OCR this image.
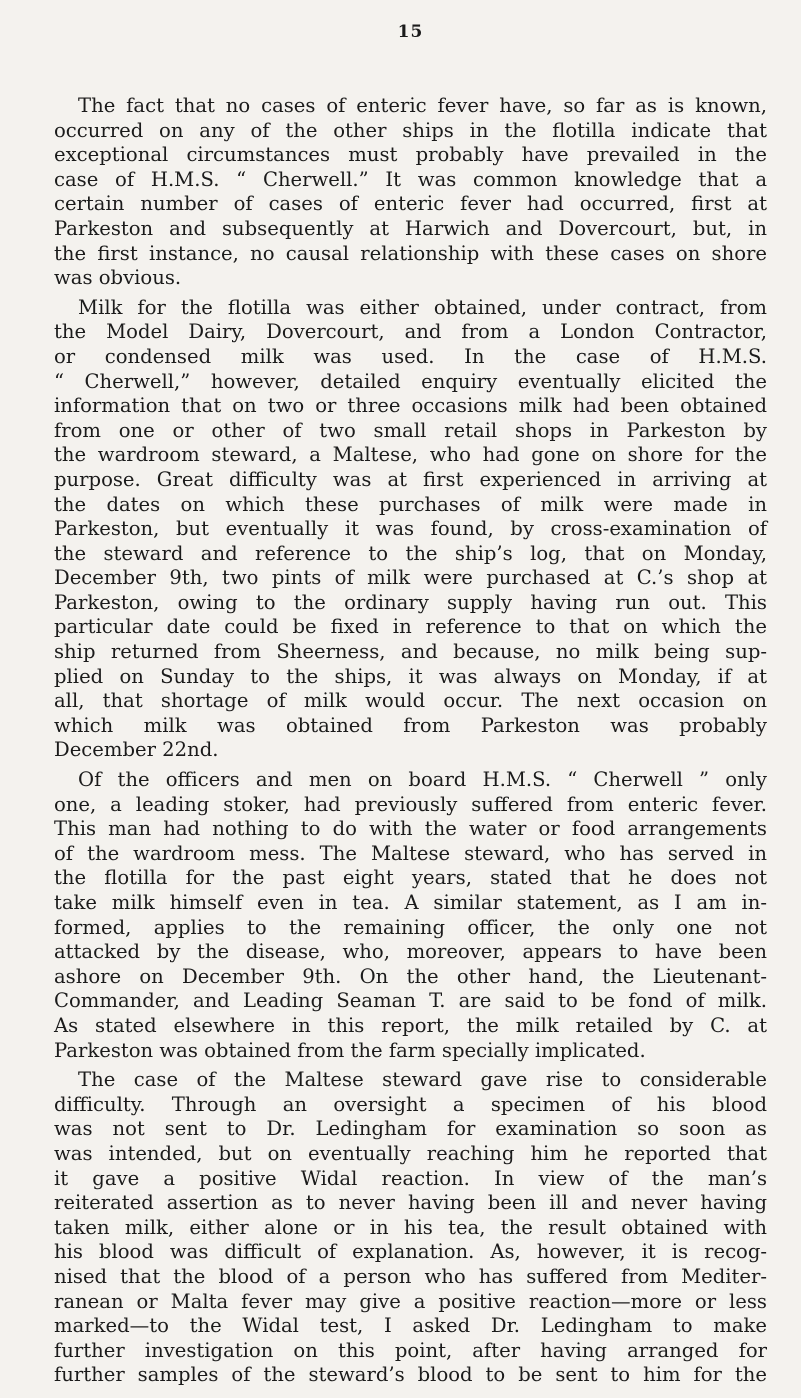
15
The fact that no cases of enteric fever have, so far as is known,
occurred on any of the other ships in the flotilla indicate that
exceptional circumstances must probably have prevailed in the
case of H.M.S. “ Cherwell.” It was common knowledge that a
certain number of cases of enteric fever had occurred, first at
Parkeston and subsequently at Harwich and Dovercourt, but, in
the first instance, no causal relationship with these cases on shore
was obvious.
Milk for the flotilla was either obtained, under contract, from
the Model Dairy, Dovercourt, and from a London Contractor,
or condensed milk was used. In the case of H.M.S.
“ Cherwell,” however, detailed enquiry eventually elicited the
information that on two or three occasions milk had been obtained
from one or other of two small retail shops in Parkeston by
the wardroom steward, a Maltese, who had gone on shore for the
purpose. Great difficulty was at first experienced in arriving at
the dates on which these purchases of milk were made in
Parkeston, but eventually it was found, by cross-examination of
the steward and reference to the ship’s log, that on Monday,
December 9th, two pints of milk were purchased at C.’s shop at
Parkeston, owing to the ordinary supply having run out. This
particular date could be fixed in reference to that on which the
ship returned from Sheerness, and because, no milk being sup-
plied on Sunday to the ships, it was always on Monday, if at
all, that shortage of milk would occur. The next occasion on
which milk was obtained from Parkeston was probably
December 22nd.
Of the officers and men on board H.M.S. “ Cherwell ” only
one, a leading stoker, had previously suffered from enteric fever.
This man had nothing to do with the water or food arrangements
of the wardroom mess. The Maltese steward, who has served in
the flotilla for the past eight years, stated that he does not
take milk himself even in tea. A similar statement, as I am in-
formed, applies to the remaining officer, the only one not
attacked by the disease, who, moreover, appears to have been
ashore on December 9th. On the other hand, the Lieutenant-
Commander, and Leading Seaman T. are said to be fond of milk.
As stated elsewhere in this report, the milk retailed by C. at
Parkeston was obtained from the farm specially implicated.
The case of the Maltese steward gave rise to considerable
difficulty. Through an oversight a specimen of his blood
was not sent to Dr. Ledingham for examination so soon as
was intended, but on eventually reaching him he reported that
it gave a positive Widal reaction. In view of the man’s
reiterated assertion as to never having been ill and never having
taken milk, either alone or in his tea, the result obtained with
his blood was difficult of explanation. As, however, it is recog-
nised that the blood of a person who has suffered from Mediter-
ranean or Malta fever may give a positive reaction—more or less
marked—to the Widal test, I asked Dr. Ledingham to make
further investigation on this point, after having arranged for
further samples of the steward’s blood to be sent to him for the
